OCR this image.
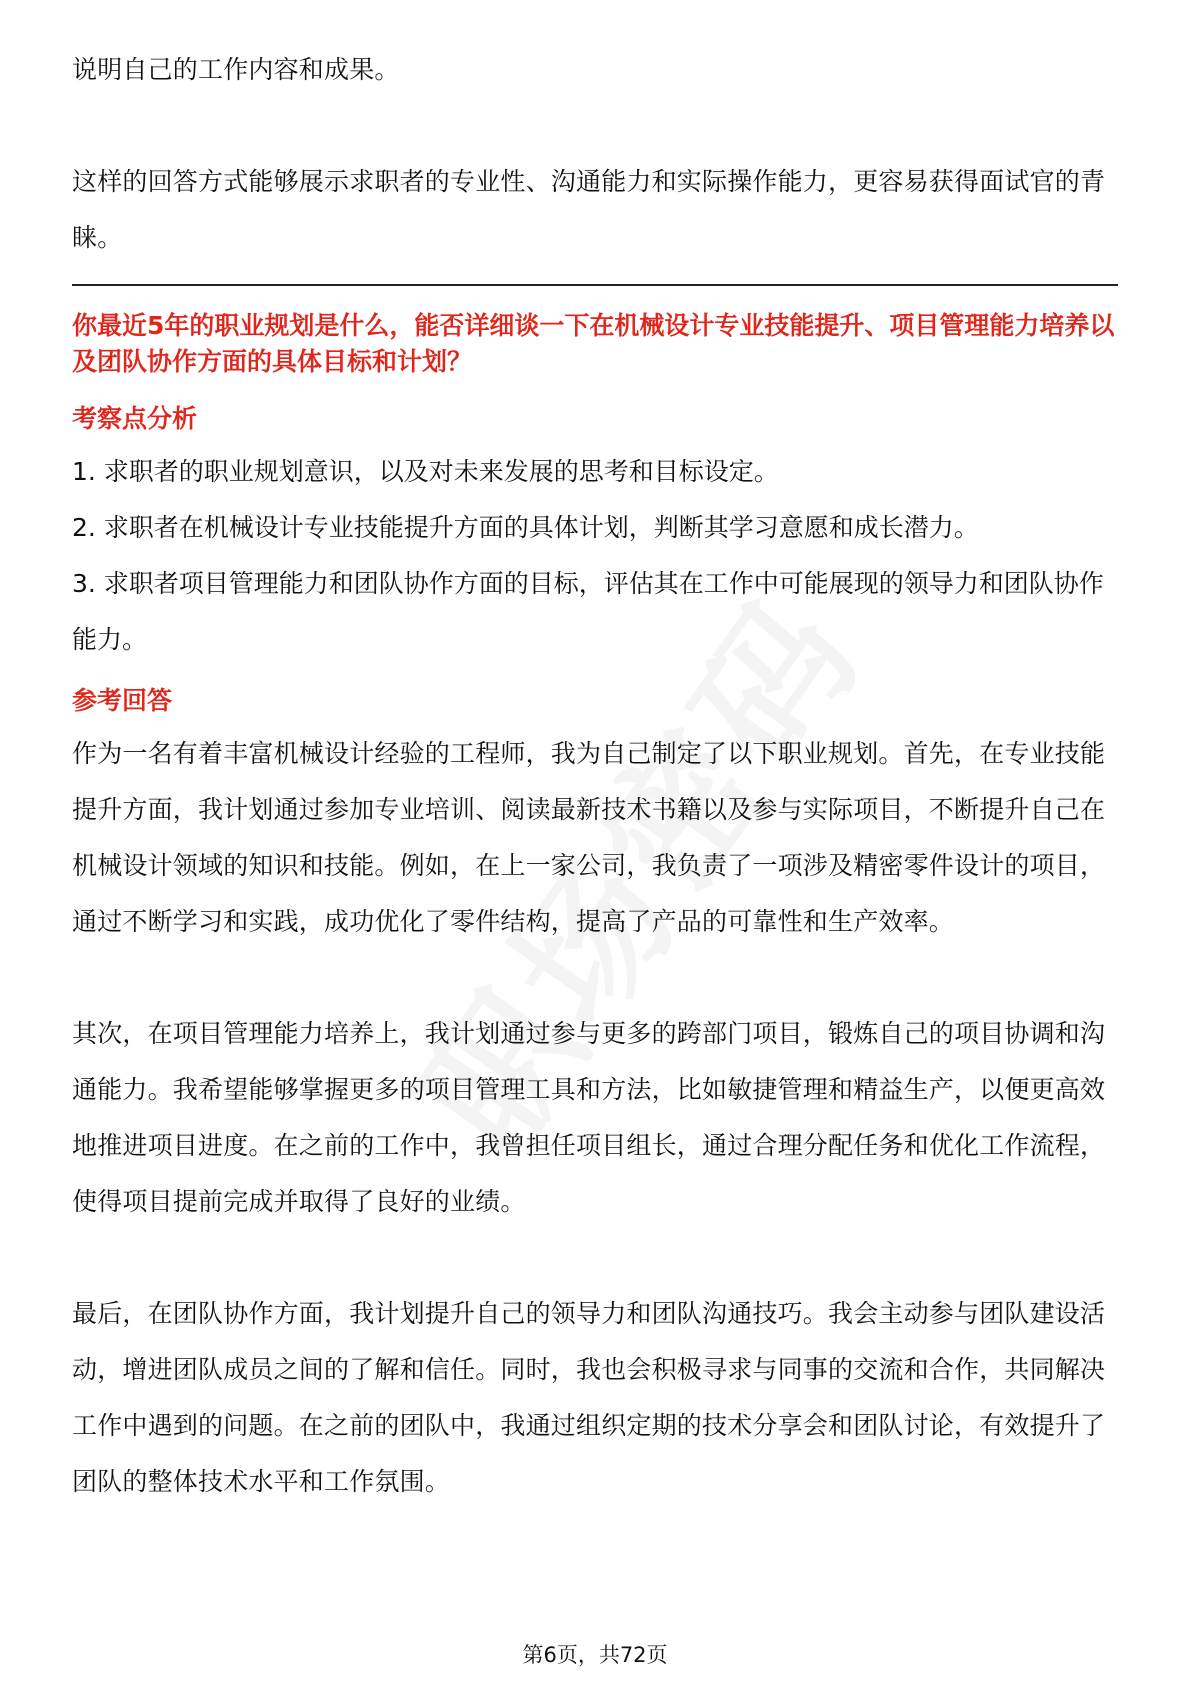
说明自己的工作内容和成果。

这样的回答方式能够展示求职者的专业性、沟通能力和实际操作能力，更容易获得面试官的青睐。

你最近5年的职业规划是什么，能否详细谈一下在机械设计专业技能提升、项目管理能力培养以及团队协作方面的具体目标和计划？

考察点分析
1. 求职者的职业规划意识，以及对未来发展的思考和目标设定。
2. 求职者在机械设计专业技能提升方面的具体计划，判断其学习意愿和成长潜力。
3. 求职者项目管理能力和团队协作方面的目标，评估其在工作中可能展现的领导力和团队协作能力。
参考回答

作为一名有着丰富机械设计经验的工程师，我为自己制定了以下职业规划。首先，在专业技能提升方面，我计划通过参加专业培训、阅读最新技术书籍以及参与实际项目，不断提升自己在机械设计领域的知识和技能。例如，在上一家公司，我负责了一项涉及精密零件设计的项目，通过不断学习和实践，成功优化了零件结构，提高了产品的可靠性和生产效率。

其次，在项目管理能力培养上，我计划通过参与更多的跨部门项目，锻炼自己的项目协调和沟通能力。我希望能够掌握更多的项目管理工具和方法，比如敏捷管理和精益生产，以便更高效地推进项目进度。在之前的工作中，我曾担任项目组长，通过合理分配任务和优化工作流程，使得项目提前完成并取得了良好的业绩。

最后，在团队协作方面，我计划提升自己的领导力和团队沟通技巧。我会主动参与团队建设活动，增进团队成员之间的了解和信任。同时，我也会积极寻求与同事的交流和合作，共同解决工作中遇到的问题。在之前的团队中，我通过组织定期的技术分享会和团队讨论，有效提升了团队的整体技术水平和工作氛围。

第6页，共72页
